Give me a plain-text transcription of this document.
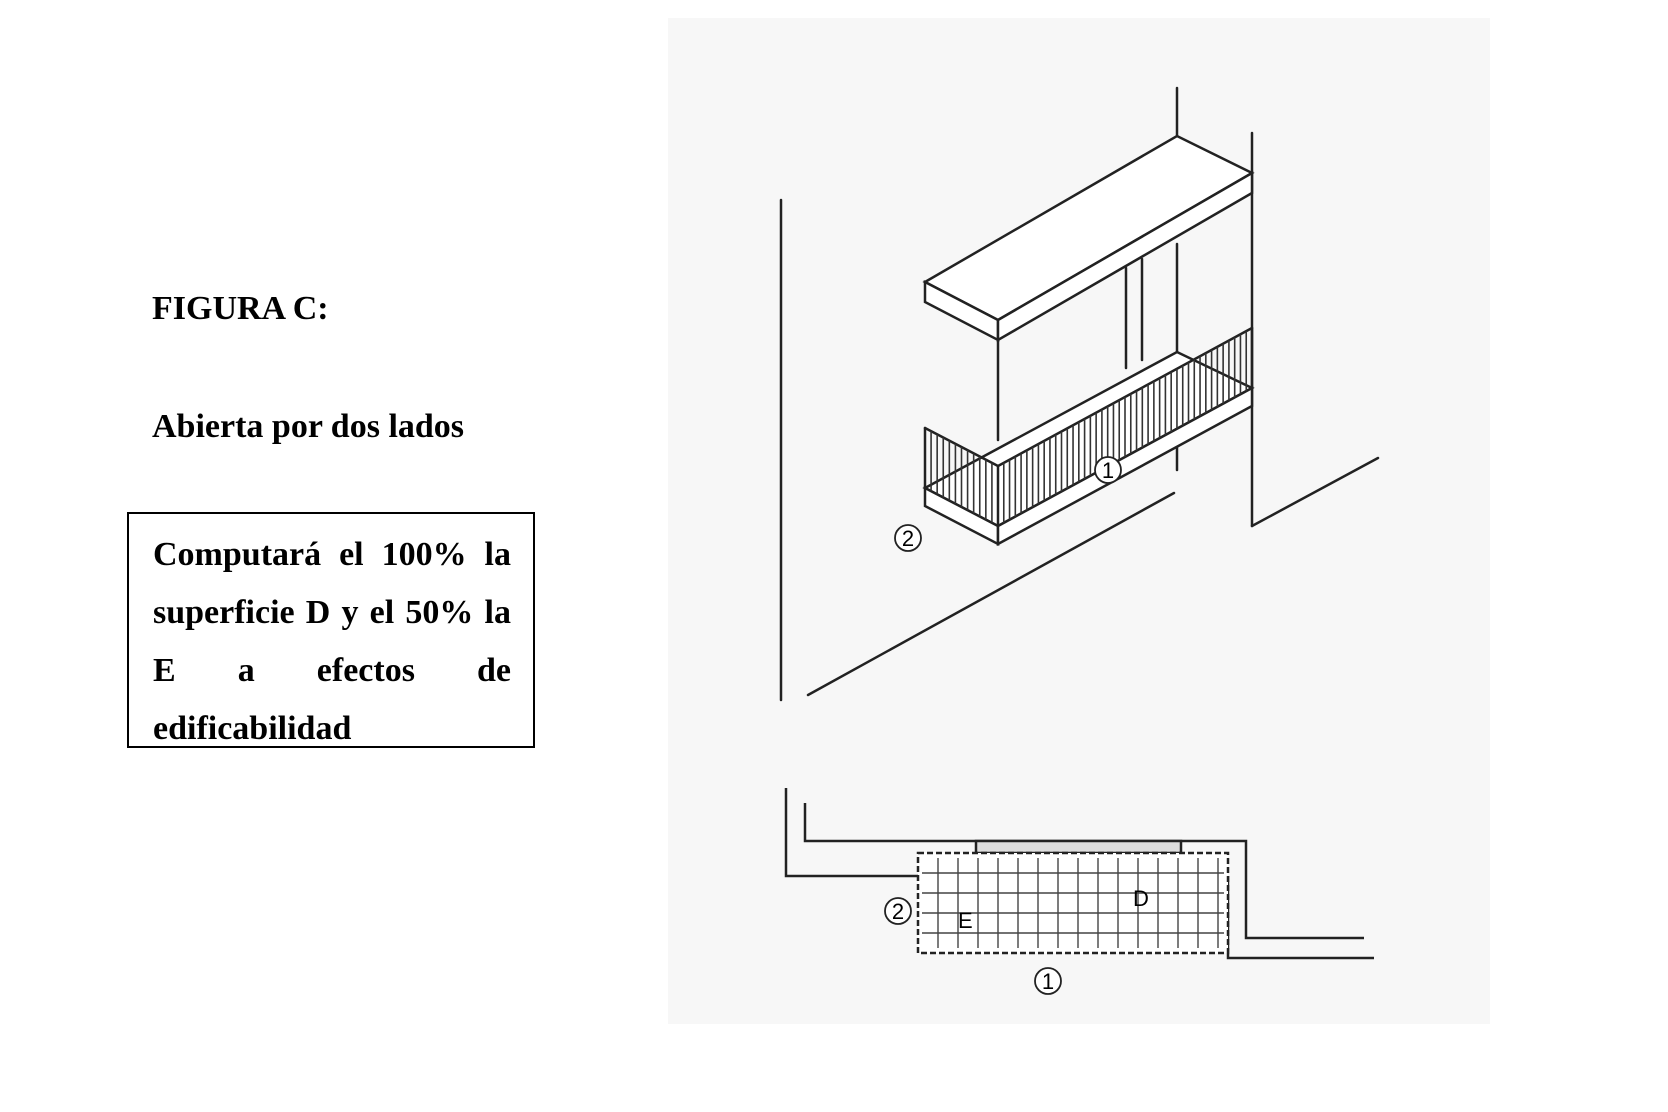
FIGURA C:
Abierta por dos lados
Computará el 100% la superficie D y el 50% la E a efectos de edificabilidad
1
2
D
E
2
1
